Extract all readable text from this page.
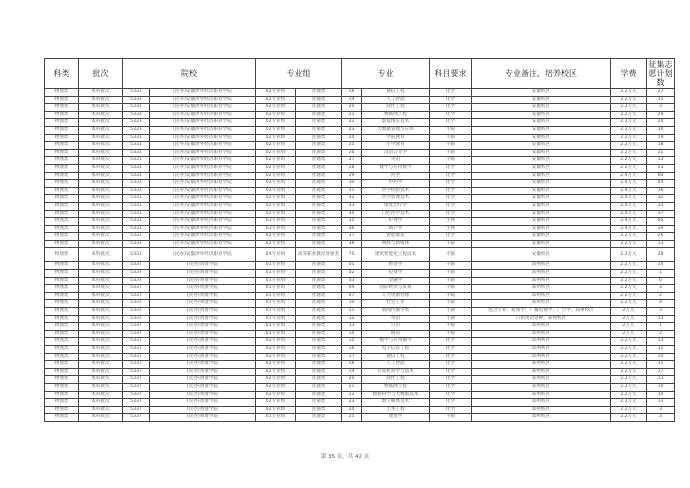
科类	批次	院校		专业组		专业		科目要求	专业备注、培养校区	学费	征集志愿计划数
物理类	本科批次	5331	(民办)安徽涉外经济职业学院	02专业组	普通类	18	通信工程	化学	安徽校区	2.2万元	27
物理类	本科批次	5331	(民办)安徽涉外经济职业学院	02专业组	普通类	19	人工智能	化学	安徽校区	2.2万元	11
物理类	本科批次	5331	(民办)安徽涉外经济职业学院	02专业组	普通类	20	软件工程	化学	安徽校区	2.2万元	3
物理类	本科批次	5331	(民办)安徽涉外经济职业学院	02专业组	普通类	21	物联网工程	化学	安徽校区	2.2万元	29
物理类	本科批次	5331	(民办)安徽涉外经济职业学院	02专业组	普通类	22	虚拟现实技术	化学	安徽校区	2.2万元	24
物理类	本科批次	5331	(民办)安徽涉外经济职业学院	02专业组	普通类	23	大数据管理与应用	不限	安徽校区	2.2万元	10
物理类	本科批次	5331	(民办)安徽涉外经济职业学院	02专业组	普通类	24	学前教育	不限	安徽校区	2.2万元	19
物理类	本科批次	5331	(民办)安徽涉外经济职业学院	02专业组	普通类	25	小学教育	不限	安徽校区	2.2万元	18
物理类	本科批次	5331	(民办)安徽涉外经济职业学院	02专业组	普通类	26	汉语言文学	不限	安徽校区	2.2万元	21
物理类	本科批次	5331	(民办)安徽涉外经济职业学院	02专业组	普通类	27	英语	不限	安徽校区	2.2万元	13
物理类	本科批次	5331	(民办)安徽涉外经济职业学院	02专业组	普通类	28	数学与应用数学	化学	安徽校区	2.2万元	23
物理类	本科批次	5331	(民办)安徽涉外经济职业学院	02专业组	普通类	29	药学	化学	安徽校区	2.4万元	60
物理类	本科批次	5331	(民办)安徽涉外经济职业学院	02专业组	普通类	30	中药学	化学	安徽校区	2.4万元	44
物理类	本科批次	5331	(民办)安徽涉外经济职业学院	02专业组	普通类	31	医学检验技术	化学	安徽校区	2.4万元	16
物理类	本科批次	5331	(民办)安徽涉外经济职业学院	02专业组	普通类	32	医学影像技术	化学	安徽校区	2.4万元	32
物理类	本科批次	5331	(民办)安徽涉外经济职业学院	02专业组	普通类	33	康复治疗学	化学	安徽校区	2.4万元	23
物理类	本科批次	5331	(民办)安徽涉外经济职业学院	02专业组	普通类	34	口腔医学技术	化学	安徽校区	2.4万元	37
物理类	本科批次	5331	(民办)安徽涉外经济职业学院	03专业组	普通类	35	护理学	生物	安徽校区	2.4万元	65
物理类	本科批次	5331	(民办)安徽涉外经济职业学院	03专业组	普通类	36	助产学	生物	安徽校区	2.4万元	29
物理类	本科批次	5331	(民办)安徽涉外经济职业学院	02专业组	普通类	37	智能制造	化学	安徽校区	2.2万元	26
物理类	本科批次	5331	(民办)安徽涉外经济职业学院	02专业组	普通类	38	网络与新媒体	不限	安徽校区	2.2万元	13
物理类	本科批次	5331	(民办)安徽涉外经济职业学院	04专业组	高等职业教育普通类	70	建筑智能化工程技术	不限	安徽校区	2.2万元	28
物理类	本科批次	5337	(民办)黄淮学院	01专业组	普通类	01	经济学	不限	郑州校区	2.2万元	14
物理类	本科批次	5337	(民办)黄淮学院	01专业组	普通类	02	投资学	不限	郑州校区	2.2万元	1
物理类	本科批次	5337	(民办)黄淮学院	01专业组	普通类	03	金融学	不限	郑州校区	2.2万元	6
物理类	本科批次	5337	(民办)黄淮学院	01专业组	普通类	04	国际经济与贸易	不限	郑州校区	2.2万元	3
物理类	本科批次	5337	(民办)黄淮学院	01专业组	普通类	07	人力资源管理	不限	郑州校区	2.2万元	2
物理类	本科批次	5337	(民办)黄淮学院	01专业组	普通类	10	社会工作	不限	郑州校区	2.2万元	4
物理类	本科批次	5337	(民办)黄淮学院	01专业组	普通类	11	新闻传播学类	不限	包含专业：新闻学、广播电视学、广告学，郑州校区	2万元	3
物理类	本科批次	5337	(民办)黄淮学院	01专业组	普通类	12	英语	不限	只招英语语种，郑州校区	2万元	13
物理类	本科批次	5337	(民办)黄淮学院	01专业组	普通类	13	日语	不限	郑州校区	2万元	1
物理类	本科批次	5337	(民办)黄淮学院	01专业组	普通类	14	俄语	不限	郑州校区	2万元	2
物理类	本科批次	5337	(民办)黄淮学院	02专业组	普通类	15	数学与应用数学	化学	郑州校区	2.2万元	13
物理类	本科批次	5337	(民办)黄淮学院	02专业组	普通类	16	电子信息工程	化学	郑州校区	2.2万元	15
物理类	本科批次	5337	(民办)黄淮学院	02专业组	普通类	17	通信工程	化学	郑州校区	2.2万元	10
物理类	本科批次	5337	(民办)黄淮学院	02专业组	普通类	18	人工智能	化学	郑州校区	2.2万元	11
物理类	本科批次	5337	(民办)黄淮学院	02专业组	普通类	19	计算机科学与技术	化学	郑州校区	2.2万元	17
物理类	本科批次	5337	(民办)黄淮学院	02专业组	普通类	20	软件工程	化学	郑州校区	2.2万元	13
物理类	本科批次	5337	(民办)黄淮学院	02专业组	普通类	21	物联网工程	化学	郑州校区	2.2万元	10
物理类	本科批次	5337	(民办)黄淮学院	02专业组	普通类	22	数据科学与大数据技术	化学	郑州校区	2.2万元	10
物理类	本科批次	5337	(民办)黄淮学院	02专业组	普通类	23	数字媒体技术	化学	郑州校区	2.2万元	13
物理类	本科批次	5337	(民办)黄淮学院	02专业组	普通类	24	土木工程	化学	郑州校区	2.2万元	3
物理类	本科批次	5337	(民办)黄淮学院	01专业组	普通类	25	建筑学	不限	郑州校区	2.2万元	3
第 35 页，共 42 页
